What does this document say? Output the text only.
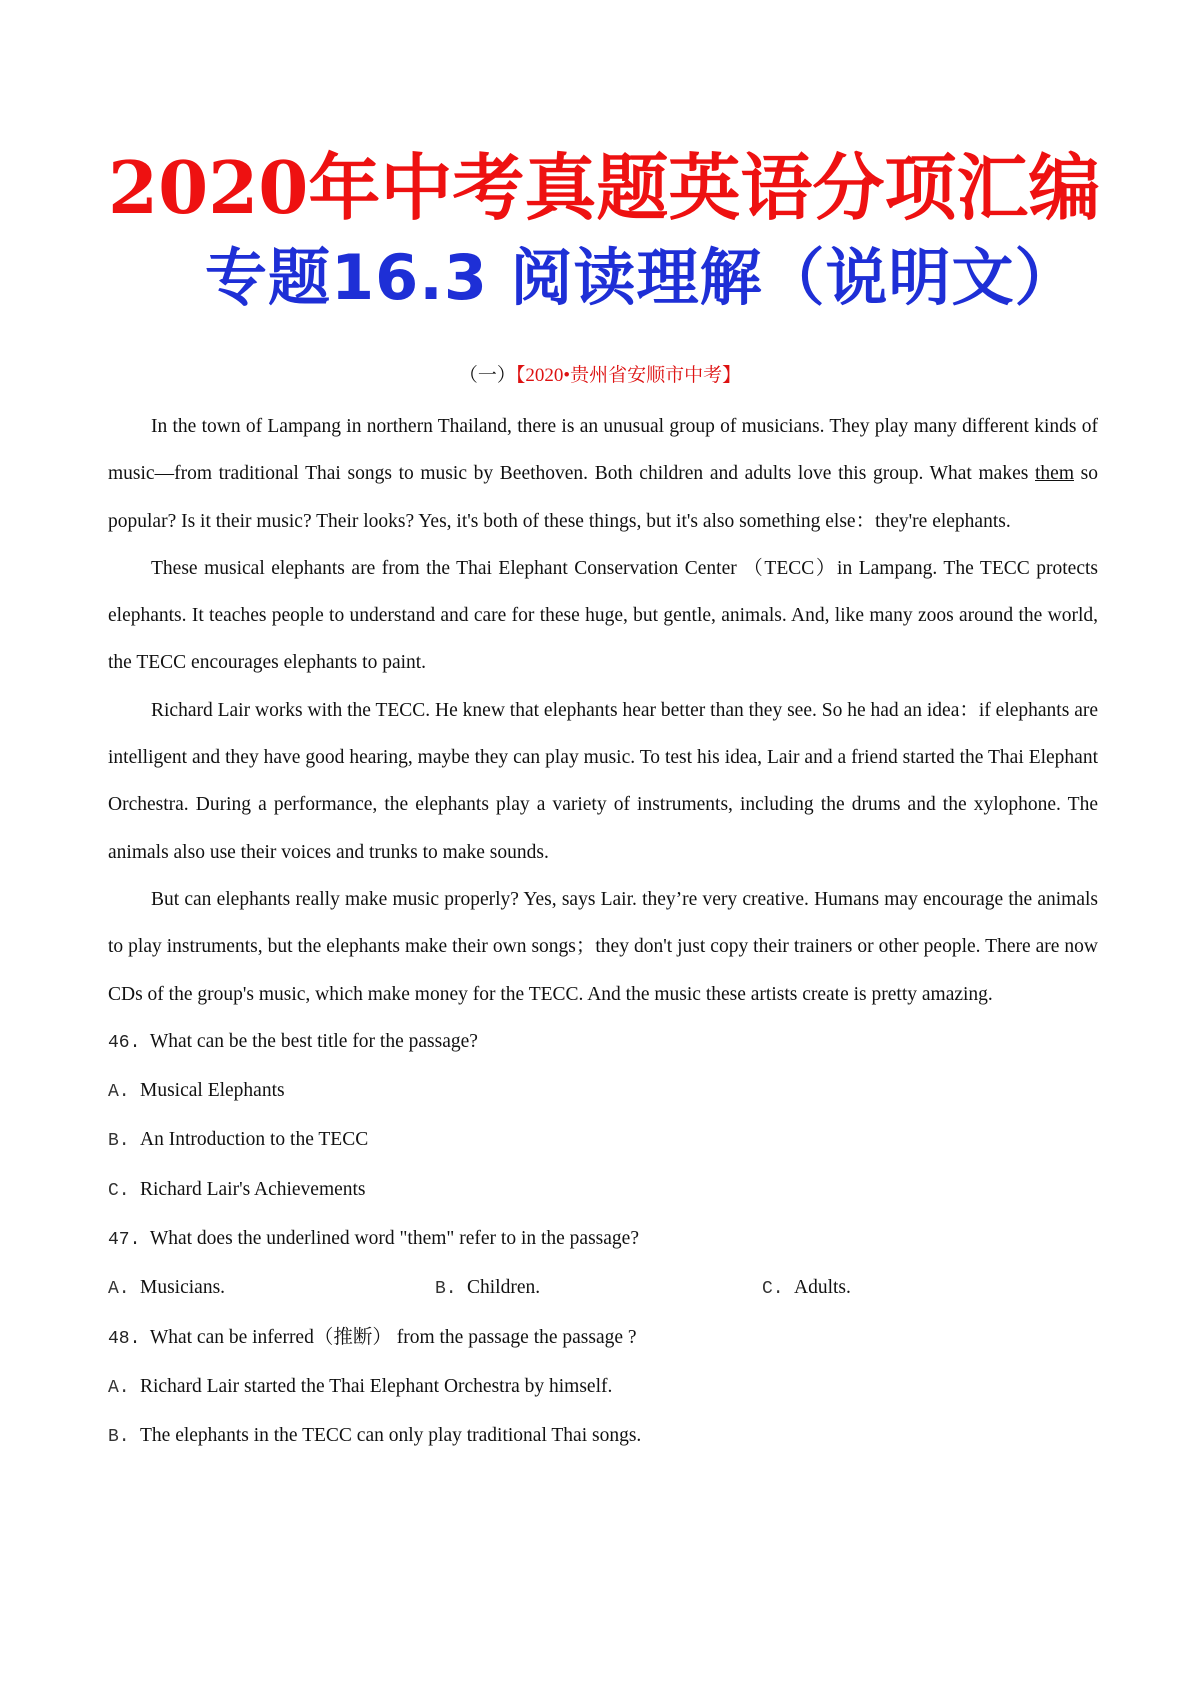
2020年中考真题英语分项汇编
专题16.3 阅读理解（说明文）
（一）【2020•贵州省安顺市中考】

In the town of Lampang in northern Thailand, there is an unusual group of musicians. They play many different kinds of music—from traditional Thai songs to music by Beethoven. Both children and adults love this group. What makes them so popular? Is it their music? Their looks? Yes, it's both of these things, but it's also something else：they're elephants.

These musical elephants are from the Thai Elephant Conservation Center （TECC）in Lampang. The TECC protects elephants. It teaches people to understand and care for these huge, but gentle, animals. And, like many zoos around the world, the TECC encourages elephants to paint.

Richard Lair works with the TECC. He knew that elephants hear better than they see. So he had an idea：if elephants are intelligent and they have good hearing, maybe they can play music. To test his idea, Lair and a friend started the Thai Elephant Orchestra. During a performance, the elephants play a variety of instruments, including the drums and the xylophone. The animals also use their voices and trunks to make sounds.

But can elephants really make music properly? Yes, says Lair. they’re very creative. Humans may encourage the animals to play instruments, but the elephants make their own songs；they don't just copy their trainers or other people. There are now CDs of the group's music, which make money for the TECC. And the music these artists create is pretty amazing.

46. What can be the best title for the passage?

A. Musical Elephants

B. An Introduction to the TECC

C. Richard Lair's Achievements

47. What does the underlined word "them" refer to in the passage?

A. Musicians.	B. Children.	C. Adults.

48. What can be inferred（推断） from the passage the passage ?

A. Richard Lair started the Thai Elephant Orchestra by himself.

B. The elephants in the TECC can only play traditional Thai songs.
